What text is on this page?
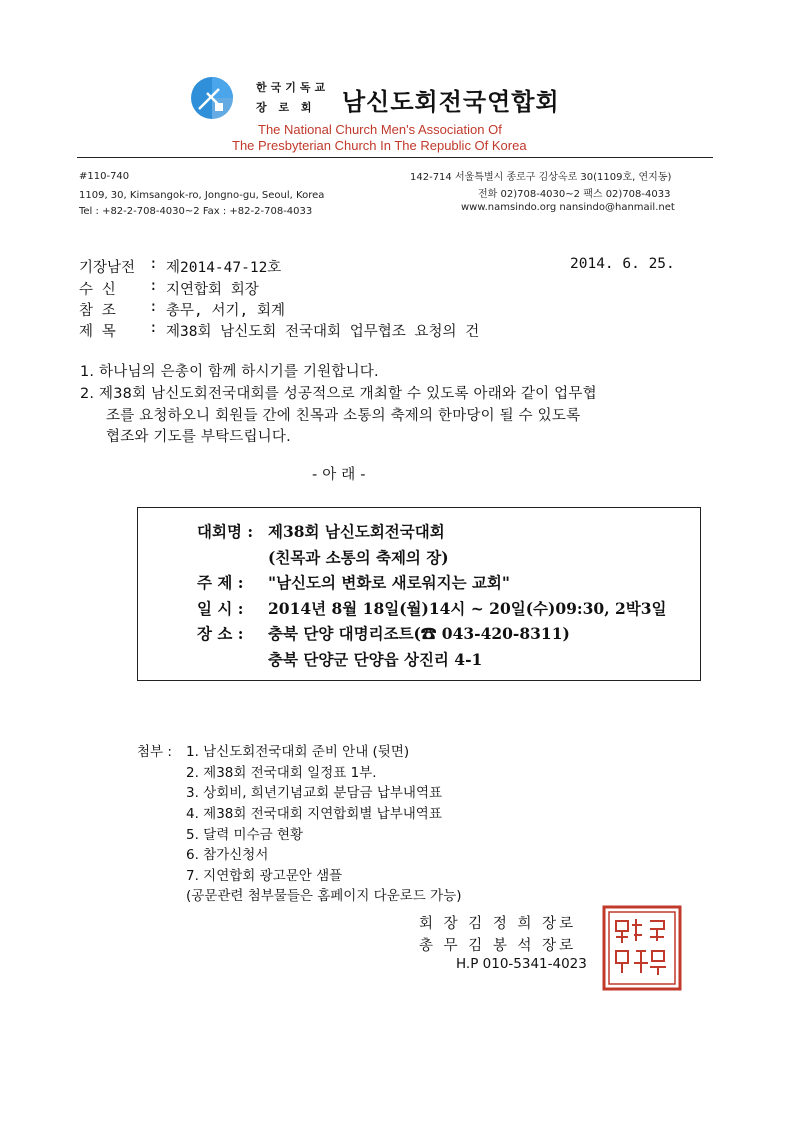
한국기독교
장 로 회 남신도회전국연합회
The National Church Men's Association Of
The Presbyterian Church In The Republic Of Korea
#110-740
1109, 30, Kimsangok-ro, Jongno-gu, Seoul, Korea
Tel : +82-2-708-4030~2 Fax : +82-2-708-4033
142-714 서울특별시 종로구 김상옥로 30(1109호, 연지동)
전화 02)708-4030~2 팩스 02)708-4033
www.namsindo.org nansindo@hanmail.net
기장남전 : 제2014-47-12호	2014. 6. 25.
수 신 : 지연합회 회장
참 조 : 총무, 서기, 회계
제 목 : 제38회 남신도회 전국대회 업무협조 요청의 건
1. 하나님의 은총이 함께 하시기를 기원합니다.
2. 제38회 남신도회전국대회를 성공적으로 개최할 수 있도록 아래와 같이 업무협
조를 요청하오니 회원들 간에 친목과 소통의 축제의 한마당이 될 수 있도록
협조와 기도를 부탁드립니다.
- 아 래 -
대회명 : 제38회 남신도회전국대회
(친목과 소통의 축제의 장)
주 제 : "남신도의 변화로 새로워지는 교회"
일 시 : 2014년 8월 18일(월)14시 ~ 20일(수)09:30, 2박3일
장 소 : 충북 단양 대명리조트(☎ 043-420-8311)
충북 단양군 단양읍 상진리 4-1
첨부 : 1. 남신도회전국대회 준비 안내 (뒷면)
2. 제38회 전국대회 일정표 1부.
3. 상회비, 희년기념교회 분담금 납부내역표
4. 제38회 전국대회 지연합회별 납부내역표
5. 달력 미수금 현황
6. 참가신청서
7. 지연합회 광고문안 샘플
(공문관련 첨부물들은 홈페이지 다운로드 가능)
회 장 김 정 희 장로
총 무 김 봉 석 장로
H.P 010-5341-4023
